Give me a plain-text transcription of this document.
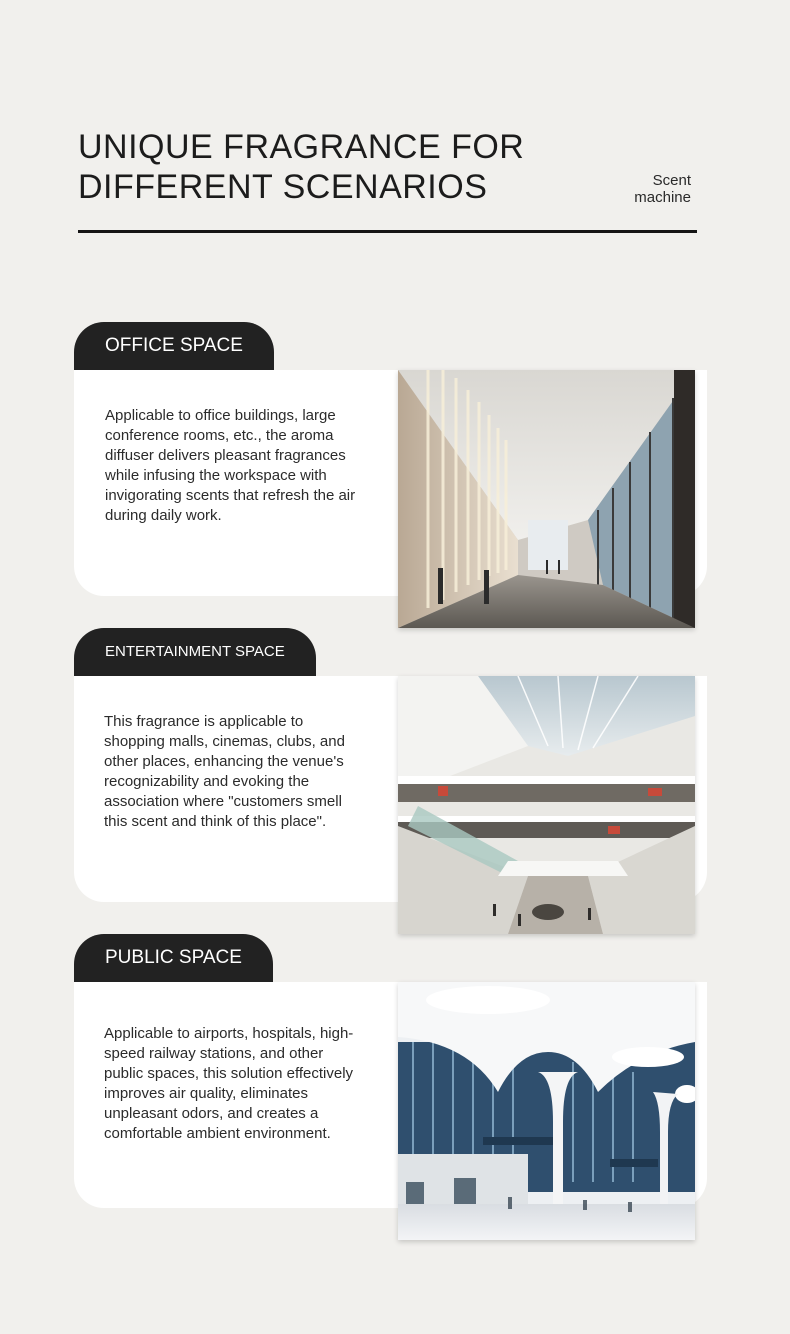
UNIQUE FRAGRANCE FOR
DIFFERENT SCENARIOS	Scent
machine
OFFICE SPACE

Applicable to office buildings, large conference rooms, etc., the aroma diffuser delivers pleasant fragrances while infusing the workspace with invigorating scents that refresh the air during daily work.

ENTERTAINMENT SPACE

This fragrance is applicable to shopping malls, cinemas, clubs, and other places, enhancing the venue's recognizability and evoking the association where "customers smell this scent and think of this place".

PUBLIC SPACE

Applicable to airports, hospitals, high-speed railway stations, and other public spaces, this solution effectively improves air quality, eliminates unpleasant odors, and creates a comfortable ambient environment.
